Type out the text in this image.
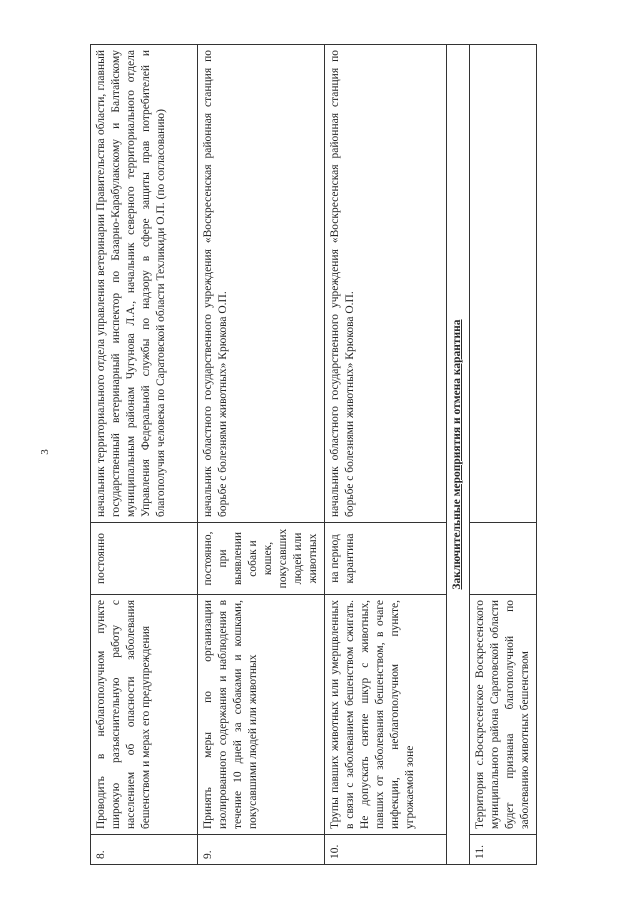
3
8.	Проводить в неблагополучном пункте широкую разъяснительную работу с населением об опасности заболевания бешенством и мерах его предупреждения	постоянно	начальник территориального отдела управления ветеринарии Правительства области, главный государственный ветеринарный инспектор по Базарно-Карабулакскому и Балтайскому муниципальным районам Чугунова Л.А., начальник северного территориального отдела Управления Федеральной службы по надзору в сфере защиты прав потребителей и благополучия человека по Саратовской области Техликиди О.П. (по согласованию)
9.	Принять меры по организации изолированного содержания и наблюдения в течение 10 дней за собаками и кошками, покусавшими людей или животных	постоянно, при выявлении собак и кошек, покусавших людей или животных	начальник областного государственного учреждения «Воскресенская районная станция по борьбе с болезнями животных» Крюкова О.П.
10.	Трупы павших животных или умерщвленных в связи с заболеванием бешенством сжигать. Не допускать снятие шкур с животных, павших от заболевания бешенством, в очаге инфекции, неблагополучном пункте, угрожаемой зоне	на период карантина	начальник областного государственного учреждения «Воскресенская районная станция по борьбе с болезнями животных» Крюкова О.П.
Заключительные мероприятия и отмена карантина			
11.	Территория с.Воскресенское Воскресенского муниципального района Саратовской области будет признана благополучной по заболеванию животных бешенством		
